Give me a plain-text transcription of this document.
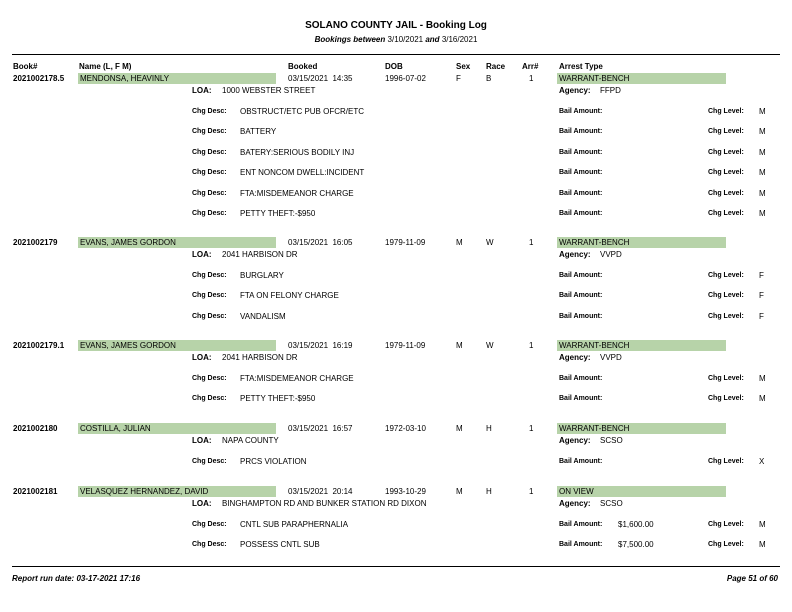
SOLANO COUNTY JAIL - Booking Log
Bookings between 3/10/2021 and 3/16/2021
Book#	Name (L, F M)	Booked	DOB	Sex Race Arr#	Arrest Type
2021002178.5 MENDONSA, HEAVINLY	03/15/2021  14:35	1996-07-02	F	B	1	WARRANT-BENCH
LOA: 1000 WEBSTER STREET	Agency: FFPD
Chg Desc: OBSTRUCT/ETC PUB OFCR/ETC	Bail Amount:	Chg Level: M
Chg Desc: BATTERY	Bail Amount:	Chg Level: M
Chg Desc: BATERY:SERIOUS BODILY INJ	Bail Amount:	Chg Level: M
Chg Desc: ENT NONCOM DWELL:INCIDENT	Bail Amount:	Chg Level: M
Chg Desc: FTA:MISDEMEANOR CHARGE	Bail Amount:	Chg Level: M
Chg Desc: PETTY THEFT:-$950	Bail Amount:	Chg Level: M
2021002179	EVANS, JAMES GORDON	03/15/2021  16:05	1979-11-09	M	W	1	WARRANT-BENCH
LOA: 2041 HARBISON DR	Agency: VVPD
Chg Desc: BURGLARY	Bail Amount:	Chg Level: F
Chg Desc: FTA ON FELONY CHARGE	Bail Amount:	Chg Level: F
Chg Desc: VANDALISM	Bail Amount:	Chg Level: F
2021002179.1 EVANS, JAMES GORDON	03/15/2021  16:19	1979-11-09	M	W	1	WARRANT-BENCH
LOA: 2041 HARBISON DR	Agency: VVPD
Chg Desc: FTA:MISDEMEANOR CHARGE	Bail Amount:	Chg Level: M
Chg Desc: PETTY THEFT:-$950	Bail Amount:	Chg Level: M
2021002180	COSTILLA, JULIAN	03/15/2021  16:57	1972-03-10	M	H	1	WARRANT-BENCH
LOA: NAPA COUNTY	Agency: SCSO
Chg Desc: PRCS VIOLATION	Bail Amount:	Chg Level: X
2021002181	VELASQUEZ HERNANDEZ, DAVID	03/15/2021  20:14	1993-10-29	M	H	1	ON VIEW
LOA: BINGHAMPTON RD AND BUNKER STATION RD DIXON	Agency: SCSO
Chg Desc: CNTL SUB PARAPHERNALIA	Bail Amount: $1,600.00	Chg Level: M
Chg Desc: POSSESS CNTL SUB	Bail Amount: $7,500.00	Chg Level: M
Report run date: 03-17-2021 17:16	Page 51 of 60
